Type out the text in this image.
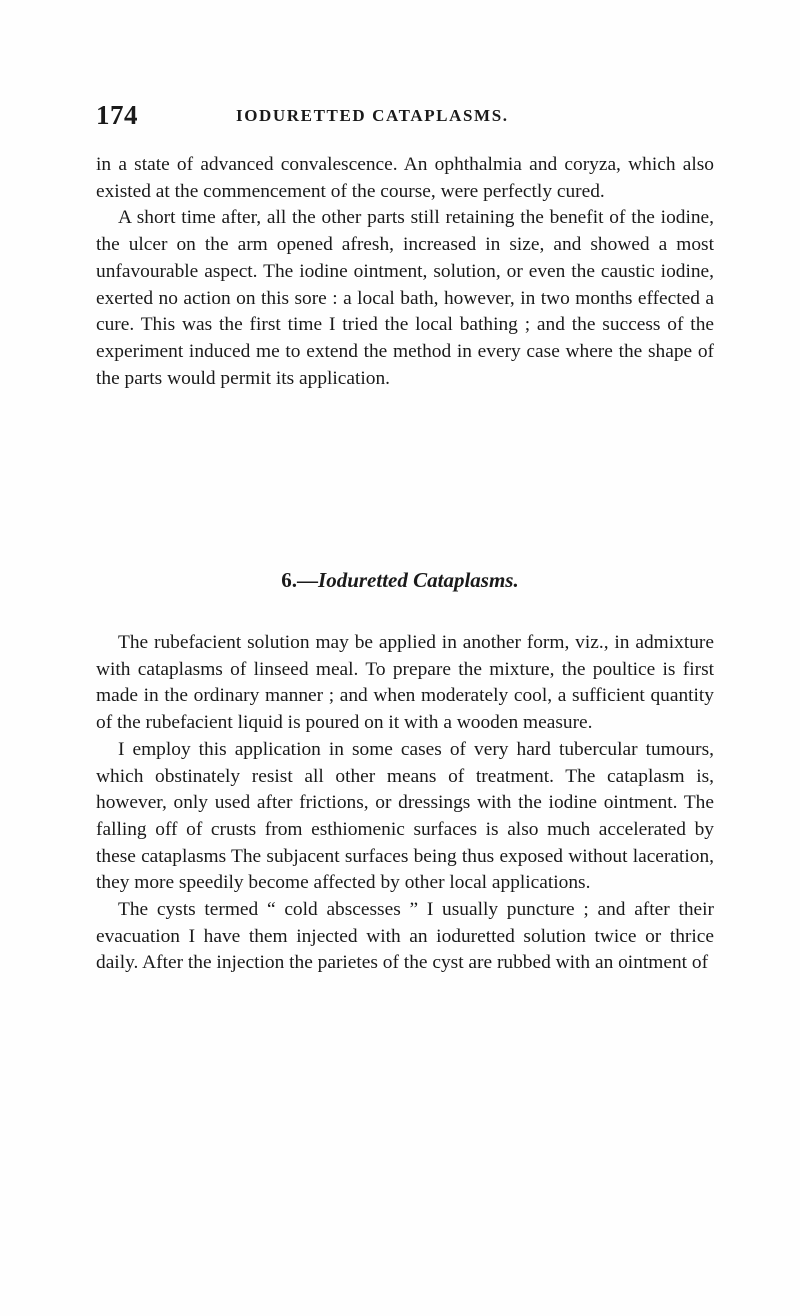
174	IODURETTED CATAPLASMS.

in a state of advanced convalescence. An ophthalmia and coryza, which also existed at the commencement of the course, were perfectly cured.

A short time after, all the other parts still retaining the benefit of the iodine, the ulcer on the arm opened afresh, increased in size, and showed a most unfavourable aspect. The iodine ointment, solution, or even the caustic iodine, exerted no action on this sore : a local bath, however, in two months effected a cure. This was the first time I tried the local bathing ; and the success of the experiment induced me to extend the method in every case where the shape of the parts would permit its application.

6.—Ioduretted Cataplasms.

The rubefacient solution may be applied in another form, viz., in admixture with cataplasms of linseed meal. To prepare the mixture, the poultice is first made in the ordinary manner ; and when moderately cool, a sufficient quantity of the rubefacient liquid is poured on it with a wooden measure.

I employ this application in some cases of very hard tubercular tumours, which obstinately resist all other means of treatment. The cataplasm is, however, only used after frictions, or dressings with the iodine ointment. The falling off of crusts from esthiomenic surfaces is also much accelerated by these cataplasms The subjacent surfaces being thus exposed without laceration, they more speedily become affected by other local applications.

The cysts termed “ cold abscesses ” I usually puncture ; and after their evacuation I have them injected with an ioduretted solution twice or thrice daily. After the injection the parietes of the cyst are rubbed with an ointment of
